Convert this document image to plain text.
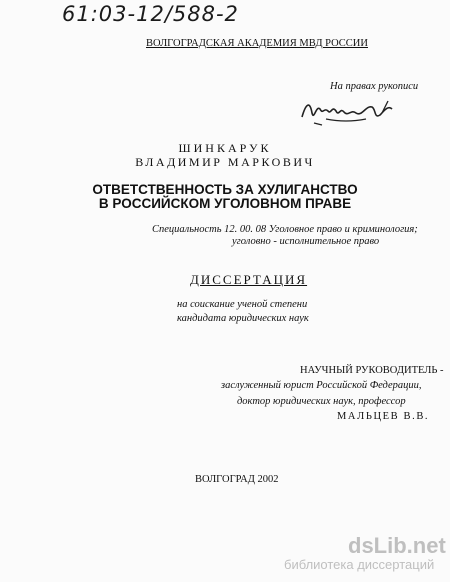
61:03-12/588-2
ВОЛГОГРАДСКАЯ АКАДЕМИЯ МВД РОССИИ
На правах рукописи
ШИНКАРУК
ВЛАДИМИР МАРКОВИЧ
ОТВЕТСТВЕННОСТЬ ЗА ХУЛИГАНСТВО
В РОССИЙСКОМ УГОЛОВНОМ ПРАВЕ
Специальность 12. 00. 08 Уголовное право и криминология;
уголовно - исполнительное право
ДИССЕРТАЦИЯ
на соискание ученой степени
кандидата юридических наук
НАУЧНЫЙ РУКОВОДИТЕЛЬ -
заслуженный юрист Российской Федерации,
доктор юридических наук, профессор
МАЛЬЦЕВ В.В.
ВОЛГОГРАД 2002
dsLib.net
библиотека диссертаций
